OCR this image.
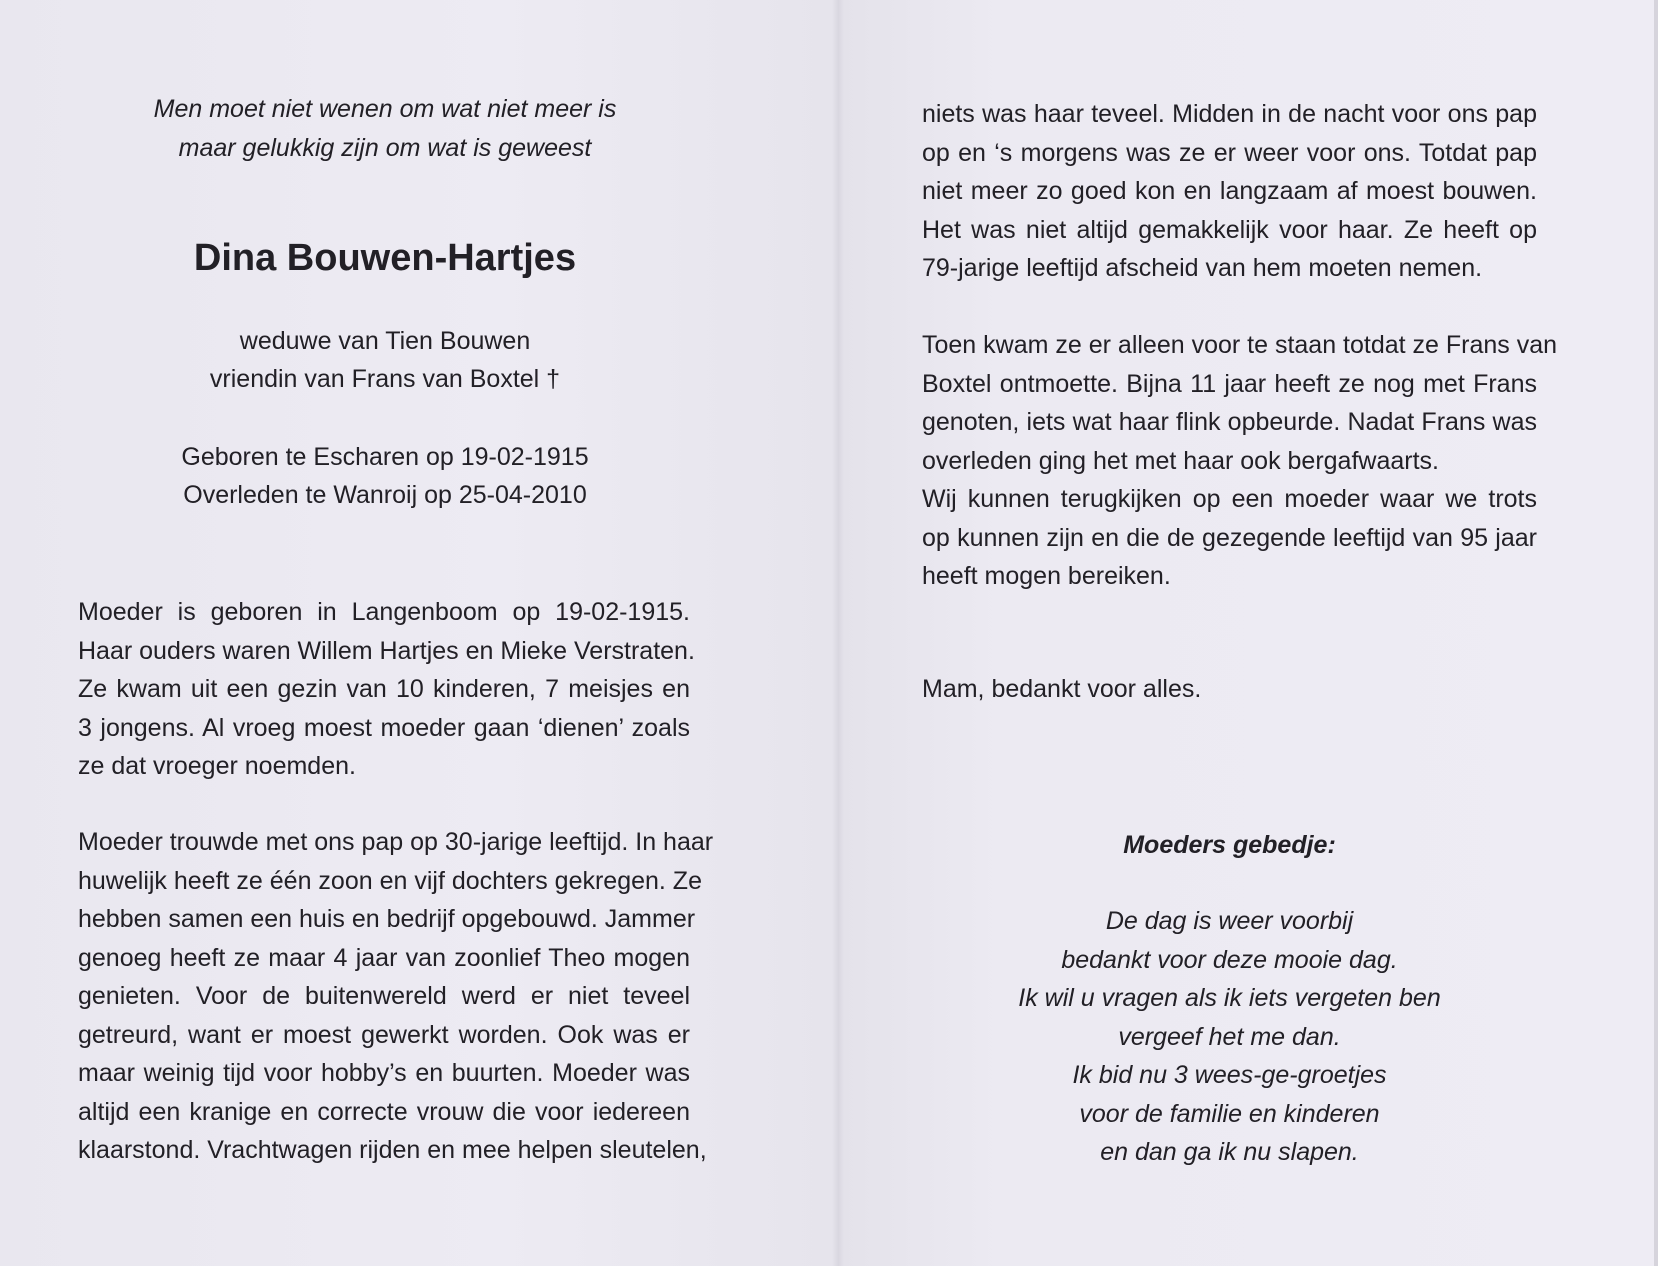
Men moet niet wenen om wat niet meer is
maar gelukkig zijn om wat is geweest
Dina Bouwen-Hartjes
weduwe van Tien Bouwen
vriendin van Frans van Boxtel †
Geboren te Escharen op 19-02-1915
Overleden te Wanroij op 25-04-2010
Moeder is geboren in Langenboom op 19-02-1915.
Haar ouders waren Willem Hartjes en Mieke Verstraten.
Ze kwam uit een gezin van 10 kinderen, 7 meisjes en
3 jongens. Al vroeg moest moeder gaan ‘dienen’ zoals
ze dat vroeger noemden.
Moeder trouwde met ons pap op 30-jarige leeftijd. In haar
huwelijk heeft ze één zoon en vijf dochters gekregen. Ze
hebben samen een huis en bedrijf opgebouwd. Jammer
genoeg heeft ze maar 4 jaar van zoonlief Theo mogen
genieten. Voor de buitenwereld werd er niet teveel
getreurd, want er moest gewerkt worden. Ook was er
maar weinig tijd voor hobby’s en buurten. Moeder was
altijd een kranige en correcte vrouw die voor iedereen
klaarstond. Vrachtwagen rijden en mee helpen sleutelen,
niets was haar teveel. Midden in de nacht voor ons pap
op en ‘s morgens was ze er weer voor ons. Totdat pap
niet meer zo goed kon en langzaam af moest bouwen.
Het was niet altijd gemakkelijk voor haar. Ze heeft op
79-jarige leeftijd afscheid van hem moeten nemen.
Toen kwam ze er alleen voor te staan totdat ze Frans van
Boxtel ontmoette. Bijna 11 jaar heeft ze nog met Frans
genoten, iets wat haar flink opbeurde. Nadat Frans was
overleden ging het met haar ook bergafwaarts.
Wij kunnen terugkijken op een moeder waar we trots
op kunnen zijn en die de gezegende leeftijd van 95 jaar
heeft mogen bereiken.
Mam, bedankt voor alles.
Moeders gebedje:
De dag is weer voorbij
bedankt voor deze mooie dag.
Ik wil u vragen als ik iets vergeten ben
vergeef het me dan.
Ik bid nu 3 wees-ge-groetjes
voor de familie en kinderen
en dan ga ik nu slapen.
